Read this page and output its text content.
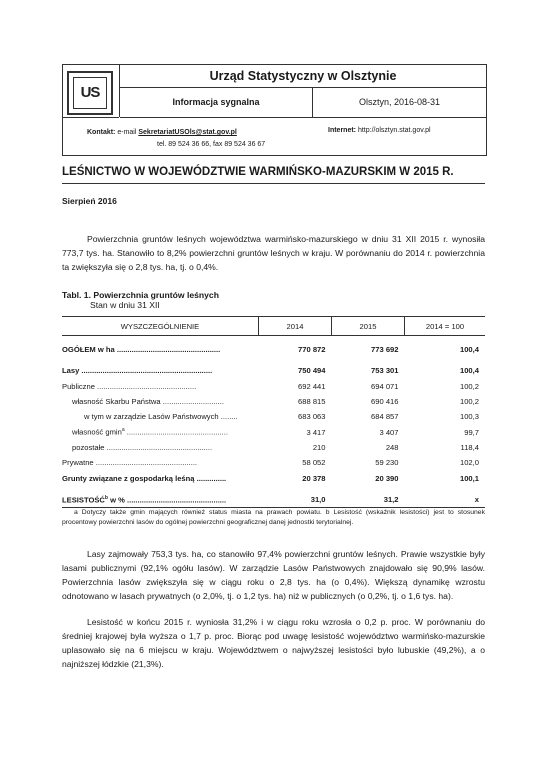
US
Urząd Statystyczny w Olsztynie
Informacja sygnalna	Olsztyn, 2016-08-31
Kontakt: e-mail SekretariatUSOls@stat.gov.pl	Internet: http://olsztyn.stat.gov.pl
tel. 89 524 36 66, fax 89 524 36 67
LEŚNICTWO W WOJEWÓDZTWIE WARMIŃSKO-MAZURSKIM W 2015 R.
Sierpień 2016

Powierzchnia gruntów leśnych województwa warmińsko-mazurskiego w dniu 31 XII 2015 r. wynosiła 773,7 tys. ha. Stanowiło to 8,2% powierzchni gruntów leśnych w kraju. W porównaniu do 2014 r. powierzchnia ta zwiększyła się o 2,8 tys. ha, tj. o 0,4%.

Tabl. 1. Powierzchnia gruntów leśnych
Stan w dniu 31 XII
WYSZCZEGÓLNIENIE	2014	2015	2014 = 100

OGÓŁEM w ha .................................................	770 872	773 692	100,4

Lasy ..............................................................	750 494	753 301	100,4
Publiczne ...............................................	692 441	694 071	100,2
własność Skarbu Państwa .............................	688 815	690 416	100,2
w tym w zarządzie Lasów Państwowych ........	683 063	684 857	100,3
własność gmin$^a$ ................................................	3 417	3 407	99,7
pozostałe ..................................................	210	248	118,4
Prywatne ................................................	58 052	59 230	102,0
Grunty związane z gospodarką leśną ..............	20 378	20 390	100,1

LESISTOŚĆ$^b$ w % ...............................................	31,0	31,2	x

a Dotyczy także gmin mających również status miasta na prawach powiatu. b Lesistość (wskaźnik lesistości) jest to stosunek procentowy powierzchni lasów do ogólnej powierzchni geograficznej danej jednostki terytorialnej.

Lasy zajmowały 753,3 tys. ha, co stanowiło 97,4% powierzchni gruntów leśnych. Prawie wszystkie były lasami publicznymi (92,1% ogółu lasów). W zarządzie Lasów Państwowych znajdowało się 90,9% lasów. Powierzchnia lasów zwiększyła się w ciągu roku o 2,8 tys. ha (o 0,4%). Większą dynamikę wzrostu odnotowano w lasach prywatnych (o 2,0%, tj. o 1,2 tys. ha) niż w publicznych (o 0,2%, tj. o 1,6 tys. ha).

Lesistość w końcu 2015 r. wyniosła 31,2% i w ciągu roku wzrosła o 0,2 p. proc. W porównaniu do średniej krajowej była wyższa o 1,7 p. proc. Biorąc pod uwagę lesistość województwo warmińsko-mazurskie uplasowało się na 6 miejscu w kraju. Województwem o najwyższej lesistości było lubuskie (49,2%), a o najniższej łódzkie (21,3%).
